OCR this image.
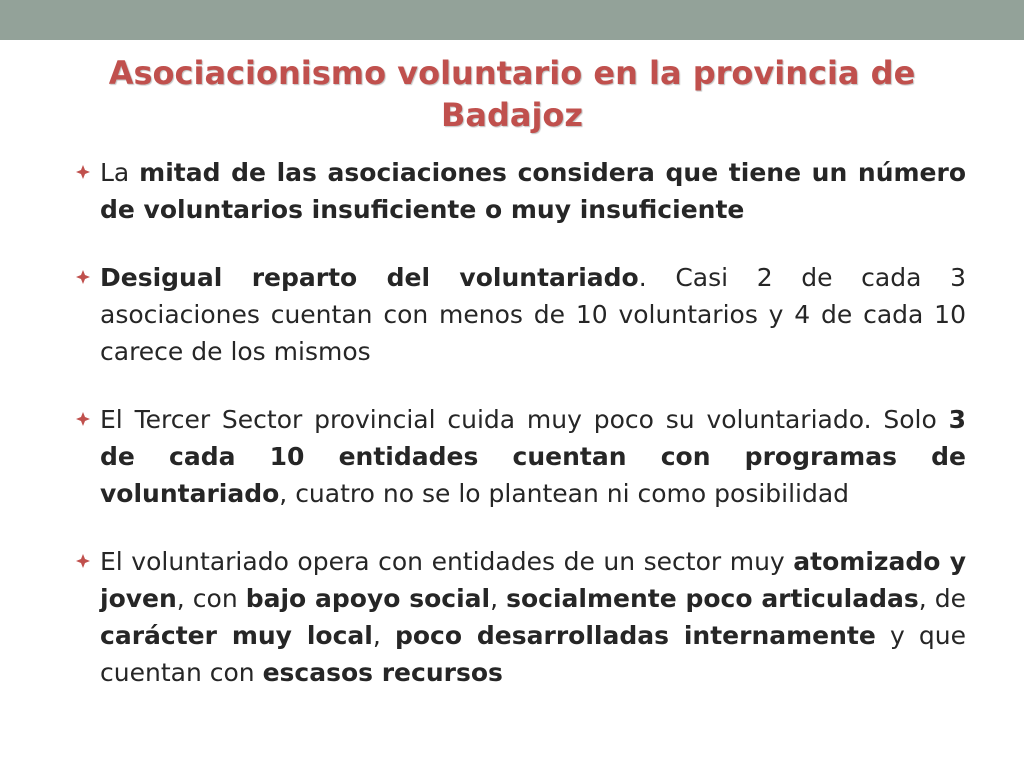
Asociacionismo voluntario en la provincia de Badajoz

La mitad de las asociaciones considera que tiene un número de voluntarios insuficiente o muy insuficiente

Desigual reparto del voluntariado. Casi 2 de cada 3 asociaciones cuentan con menos de 10 voluntarios y 4 de cada 10 carece de los mismos

El Tercer Sector provincial cuida muy poco su voluntariado. Solo 3 de cada 10 entidades cuentan con programas de voluntariado, cuatro no se lo plantean ni como posibilidad

El voluntariado opera con entidades de un sector muy atomizado y joven, con bajo apoyo social, socialmente poco articuladas, de carácter muy local, poco desarrolladas internamente y que cuentan con escasos recursos
